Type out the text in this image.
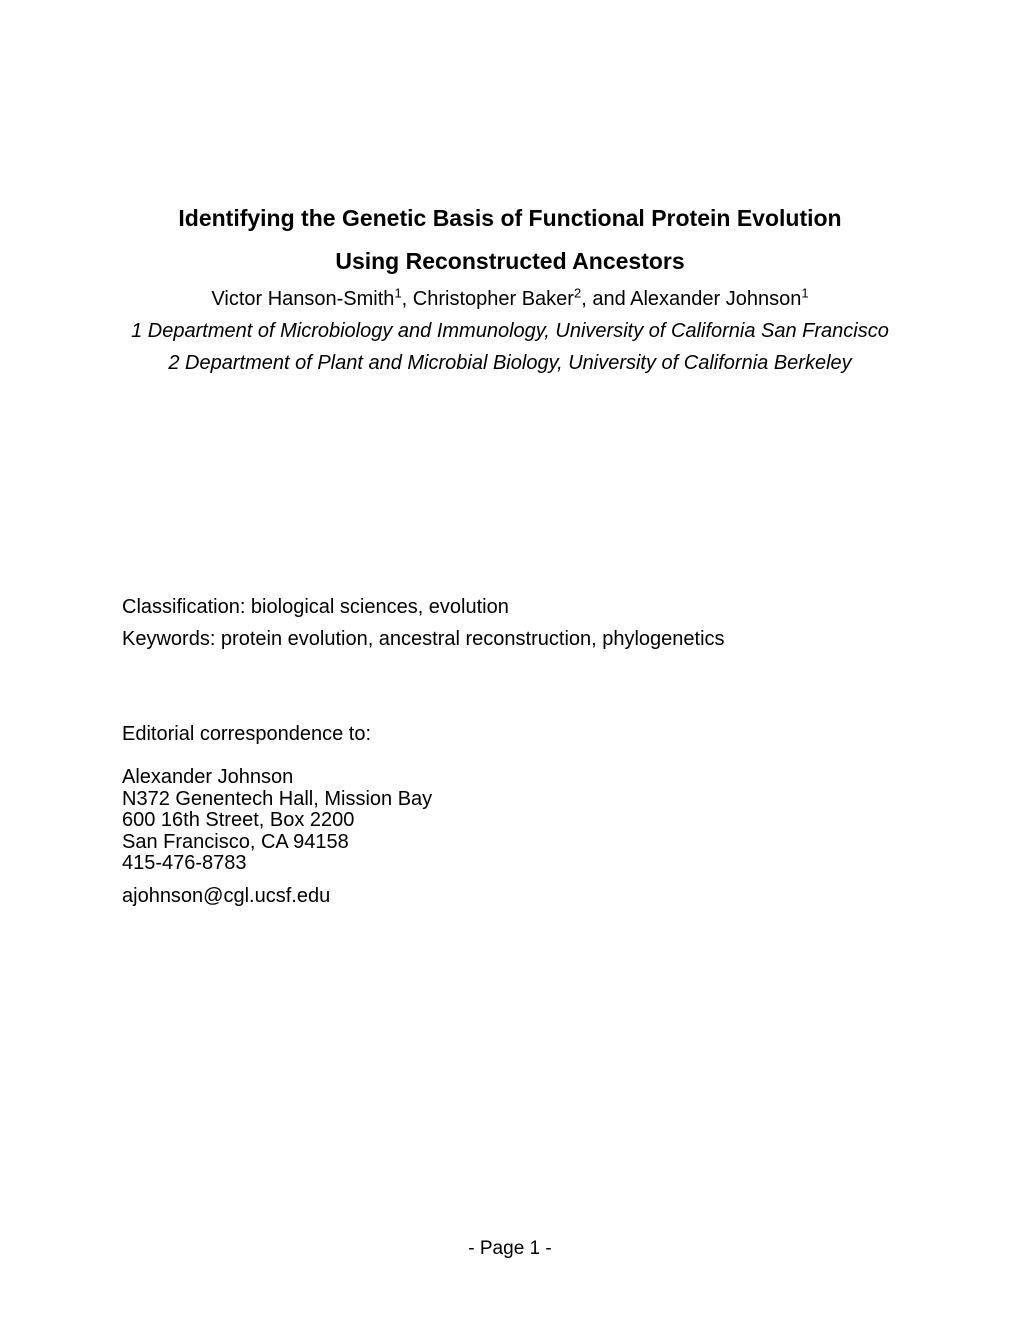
Identifying the Genetic Basis of Functional Protein Evolution
Using Reconstructed Ancestors
Victor Hanson-Smith$^1$, Christopher Baker$^2$, and Alexander Johnson$^1$
1 Department of Microbiology and Immunology, University of California San Francisco
2 Department of Plant and Microbial Biology, University of California Berkeley
Classification: biological sciences, evolution
Keywords: protein evolution, ancestral reconstruction, phylogenetics
Editorial correspondence to:
Alexander Johnson
N372 Genentech Hall, Mission Bay
600 16th Street, Box 2200
San Francisco, CA 94158
415-476-8783
ajohnson@cgl.ucsf.edu
- Page 1 -
